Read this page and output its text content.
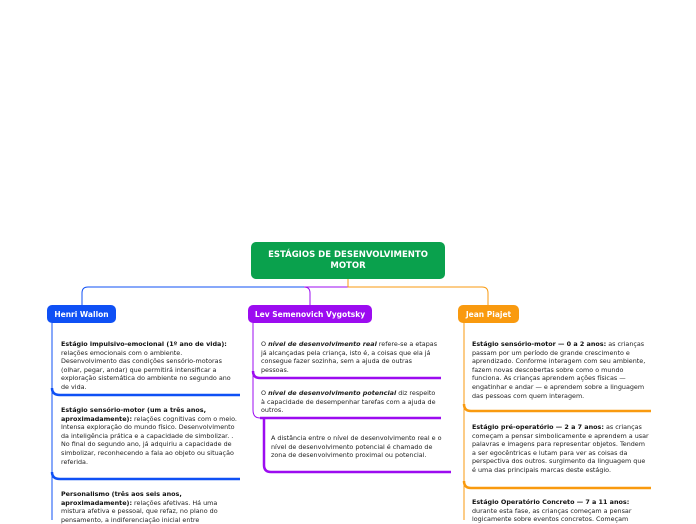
ESTÁGIOS DE DESENVOLVIMENTO MOTOR
Henri Wallon	Lev Semenovich Vygotsky	Jean Piajet
Estágio impulsivo-emocional (1º ano de vida): relações emocionais com o ambiente. Desenvolvimento das condições sensório-motoras (olhar, pegar, andar) que permitirá intensificar a exploração sistemática do ambiente no segundo ano de vida.
Estágio sensório-motor (um a três anos, aproximadamente): relações cognitivas com o meio. Intensa exploração do mundo físico. Desenvolvimento da inteligência prática e a capacidade de simbolizar. . No final do segundo ano, já adquiriu a capacidade de simbolizar, reconhecendo a fala ao objeto ou situação referida.
Personalismo (três aos seis anos, aproximadamente): relações afetivas. Há uma mistura afetiva e pessoal, que refaz, no plano do pensamento, a indiferenciação inicial entre
O nível de desenvolvimento real refere-se a etapas já alcançadas pela criança, isto é, a coisas que ela já consegue fazer sozinha, sem a ajuda de outras pessoas.
O nível de desenvolvimento potencial diz respeito à capacidade de desempenhar tarefas com a ajuda de outros.
A distância entre o nível de desenvolvimento real e o nível de desenvolvimento potencial é chamado de zona de desenvolvimento proximal ou potencial.
Estágio sensório-motor — 0 a 2 anos: as crianças passam por um período de grande crescimento e aprendizado. Conforme interagem com seu ambiente, fazem novas descobertas sobre como o mundo funciona. As crianças aprendem ações físicas — engatinhar e andar — e aprendem sobre a linguagem das pessoas com quem interagem.
Estágio pré-operatório — 2 a 7 anos: as crianças começam a pensar simbolicamente e aprendem a usar palavras e imagens para representar objetos. Tendem a ser egocêntricas e lutam para ver as coisas da perspectiva dos outros. surgimento da linguagem que é uma das principais marcas deste estágio.
Estágio Operatório Concreto — 7 a 11 anos: durante esta fase, as crianças começam a pensar logicamente sobre eventos concretos. Começam
